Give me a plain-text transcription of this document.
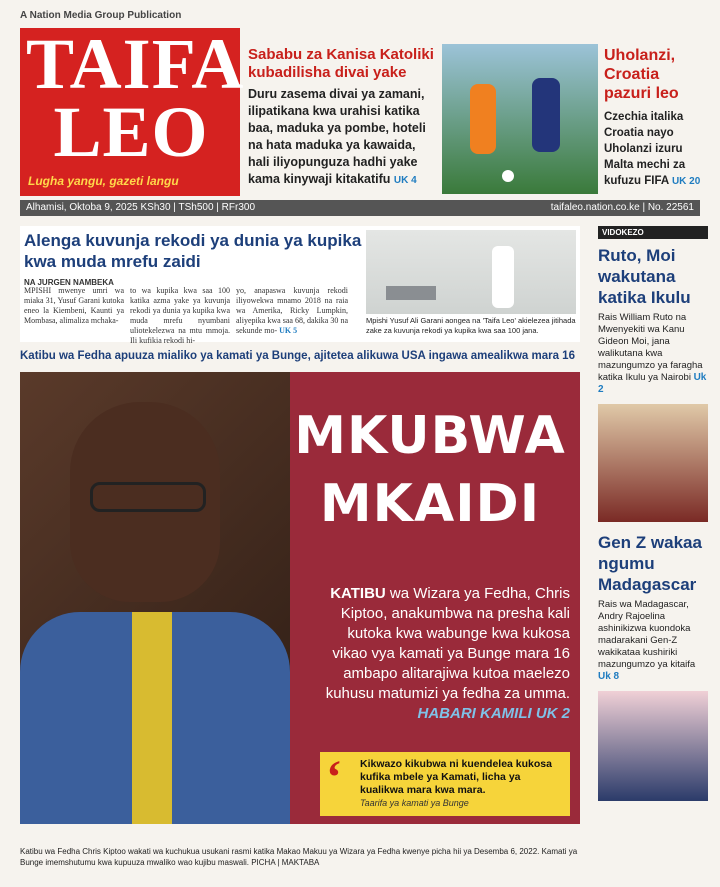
A Nation Media Group Publication
TAIFA LEO
Lugha yangu, gazeti langu
Sababu za Kanisa Katoliki kubadilisha divai yake
Duru zasema divai ya zamani, ilipatikana kwa urahisi katika baa, maduka ya pombe, hoteli na hata maduka ya kawaida, hali iliyopunguza hadhi yake kama kinywaji kitakatifu UK 4
Uholanzi, Croatia pazuri leo
Czechia italika Croatia nayo Uholanzi izuru Malta mechi za kufuzu FIFA UK 20
Alhamisi, Oktoba 9, 2025 KSh30 | TSh500 | RFr300	taifaleo.nation.co.ke | No. 22561
Alenga kuvunja rekodi ya dunia ya kupika kwa muda mrefu zaidi
NA JURGEN NAMBEKA
MPISHI mwenye umri wa miaka 31, Yusuf Garani kutoka eneo la Kiembeni, Kaunti ya Mombasa, alimaliza mchaka-
to wa kupika kwa saa 100 katika azma yake ya kuvunja rekodi ya dunia ya kupika kwa muda mrefu nyumbani uliotekelezwa na mtu mmoja. Ili kufikia rekodi hi-
yo, anapaswa kuvunja rekodi iliyowekwa mnamo 2018 na raia wa Amerika, Ricky Lumpkin, aliyepika kwa saa 68, dakika 30 na sekunde mo- UK 5
Mpishi Yusuf Ali Garani aongea na 'Taifa Leo' akielezea jitihada zake za kuvunja rekodi ya kupika kwa saa 100 jana.
Katibu wa Fedha apuuza mialiko ya kamati ya Bunge, ajitetea alikuwa USA ingawa amealikwa mara 16
MKUBWA
MKAIDI
KATIBU wa Wizara ya Fedha, Chris Kiptoo, anakumbwa na presha kali kutoka kwa wabunge kwa kukosa vikao vya kamati ya Bunge mara 16 ambapo alitarajiwa kutoa maelezo kuhusu matumizi ya fedha za umma. HABARI KAMILI UK 2
‘ Kikwazo kikubwa ni kuendelea kukosa kufika mbele ya Kamati, licha ya kualikwa mara kwa mara.
Taarifa ya kamati ya Bunge
Katibu wa Fedha Chris Kiptoo wakati wa kuchukua usukani rasmi katika Makao Makuu ya Wizara ya Fedha kwenye picha hii ya Desemba 6, 2022. Kamati ya Bunge imemshutumu kwa kupuuza mwaliko wao kujibu maswali. PICHA | MAKTABA
VIDOKEZO
Ruto, Moi wakutana katika Ikulu
Rais William Ruto na Mwenyekiti wa Kanu Gideon Moi, jana walikutana kwa mazungumzo ya faragha katika Ikulu ya Nairobi Uk 2
Gen Z wakaa ngumu Madagascar
Rais wa Madagascar, Andry Rajoelina ashinikizwa kuondoka madarakani Gen-Z wakikataa kushiriki mazungumzo ya kitaifa Uk 8
